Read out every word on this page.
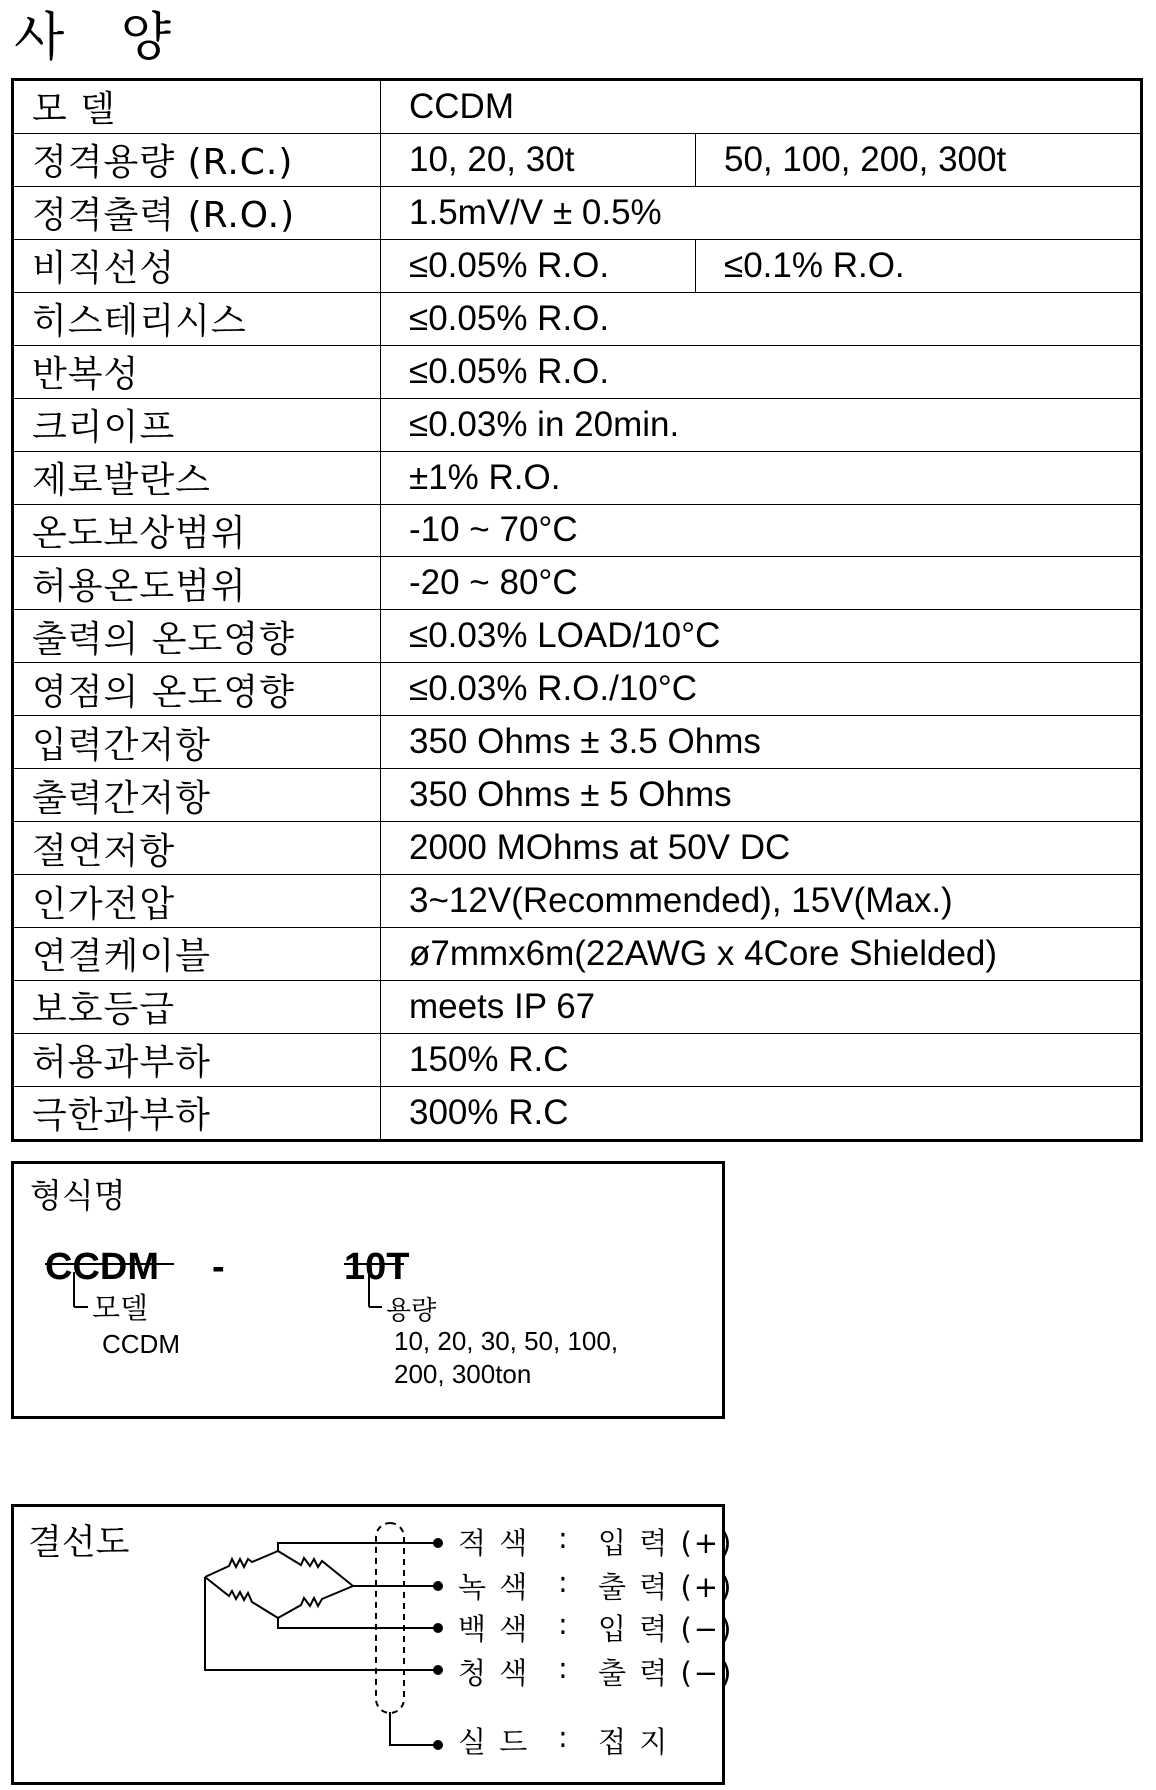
사 양
모 델	CCDM	
정격용량 (R.C.)	10, 20, 30t	50, 100, 200, 300t
정격출력 (R.O.)	1.5mV/V ± 0.5%	
비직선성	≤0.05% R.O.	≤0.1% R.O.
히스테리시스	≤0.05% R.O.	
반복성	≤0.05% R.O.	
크리이프	≤0.03% in 20min.	
제로발란스	±1% R.O.	
온도보상범위	-10 ~ 70°C	
허용온도범위	-20 ~ 80°C	
출력의 온도영향	≤0.03% LOAD/10°C	
영점의 온도영향	≤0.03% R.O./10°C	
입력간저항	350 Ohms ± 3.5 Ohms	
출력간저항	350 Ohms ± 5 Ohms	
절연저항	2000 MOhms at 50V DC	
인가전압	3~12V(Recommended), 15V(Max.)	
연결케이블	ø7mmx6m(22AWG x 4Core Shielded)	
보호등급	meets IP 67	
허용과부하	150% R.C	
극한과부하	300% R.C	
형식명
CCDM -	10T
모델
CCDM
용량
10, 20, 30, 50, 100,
200, 300ton
결선도	적 색 : 입 력 (+)
녹 색 : 출 력 (+)
백 색 : 입 력 (−)
청 색 : 출 력 (−)
실 드 : 접 지
